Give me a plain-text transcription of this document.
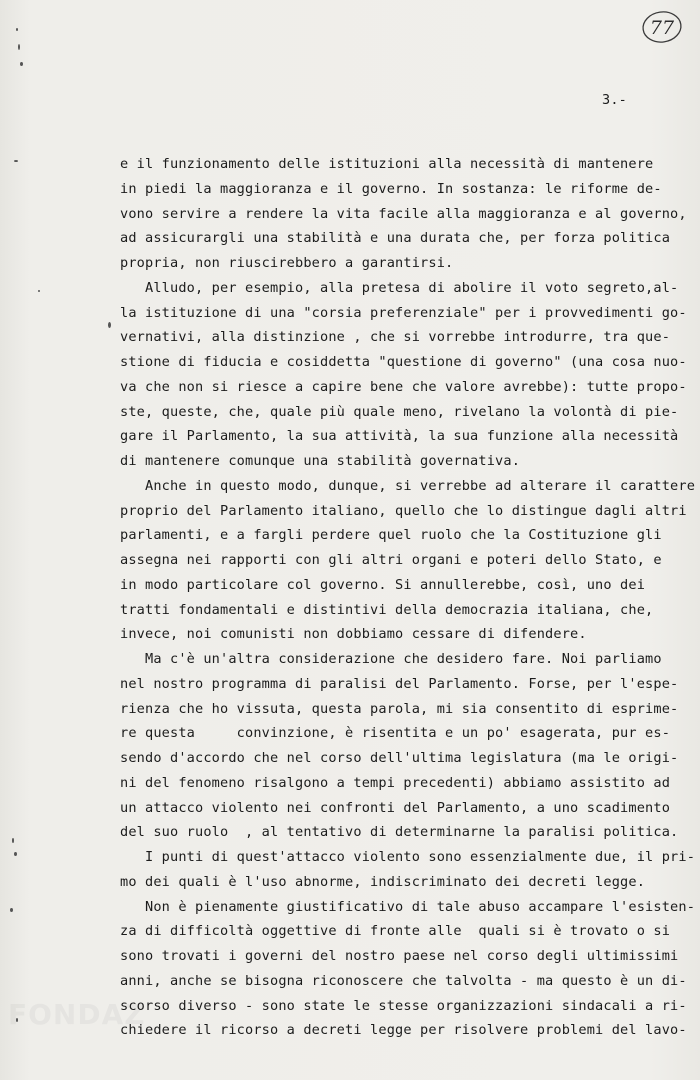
77
3.-
e il funzionamento delle istituzioni alla necessità di mantenere
in piedi la maggioranza e il governo. In sostanza: le riforme de-
vono servire a rendere la vita facile alla maggioranza e al governo,
ad assicurargli una stabilità e una durata che, per forza politica
propria, non riuscirebbero a garantirsi.
Alludo, per esempio, alla pretesa di abolire il voto segreto,al-
la istituzione di una "corsia preferenziale" per i provvedimenti go-
vernativi, alla distinzione , che si vorrebbe introdurre, tra que-
stione di fiducia e cosiddetta "questione di governo" (una cosa nuo-
va che non si riesce a capire bene che valore avrebbe): tutte propo-
ste, queste, che, quale più quale meno, rivelano la volontà di pie-
gare il Parlamento, la sua attività, la sua funzione alla necessità
di mantenere comunque una stabilità governativa.
Anche in questo modo, dunque, si verrebbe ad alterare il carattere
proprio del Parlamento italiano, quello che lo distingue dagli altri
parlamenti, e a fargli perdere quel ruolo che la Costituzione gli
assegna nei rapporti con gli altri organi e poteri dello Stato, e
in modo particolare col governo. Si annullerebbe, così, uno dei
tratti fondamentali e distintivi della democrazia italiana, che,
invece, noi comunisti non dobbiamo cessare di difendere.
Ma c'è un'altra considerazione che desidero fare. Noi parliamo
nel nostro programma di paralisi del Parlamento. Forse, per l'espe-
rienza che ho vissuta, questa parola, mi sia consentito di esprime-
re questa     convinzione, è risentita e un po' esagerata, pur es-
sendo d'accordo che nel corso dell'ultima legislatura (ma le origi-
ni del fenomeno risalgono a tempi precedenti) abbiamo assistito ad
un attacco violento nei confronti del Parlamento, a uno scadimento
del suo ruolo  , al tentativo di determinarne la paralisi politica.
I punti di quest'attacco violento sono essenzialmente due, il pri-
mo dei quali è l'uso abnorme, indiscriminato dei decreti legge.
Non è pienamente giustificativo di tale abuso accampare l'esisten-
za di difficoltà oggettive di fronte alle  quali si è trovato o si
sono trovati i governi del nostro paese nel corso degli ultimissimi
anni, anche se bisogna riconoscere che talvolta - ma questo è un di-
scorso diverso - sono state le stesse organizzazioni sindacali a ri-
chiedere il ricorso a decreti legge per risolvere problemi del lavo-
FONDAZ
